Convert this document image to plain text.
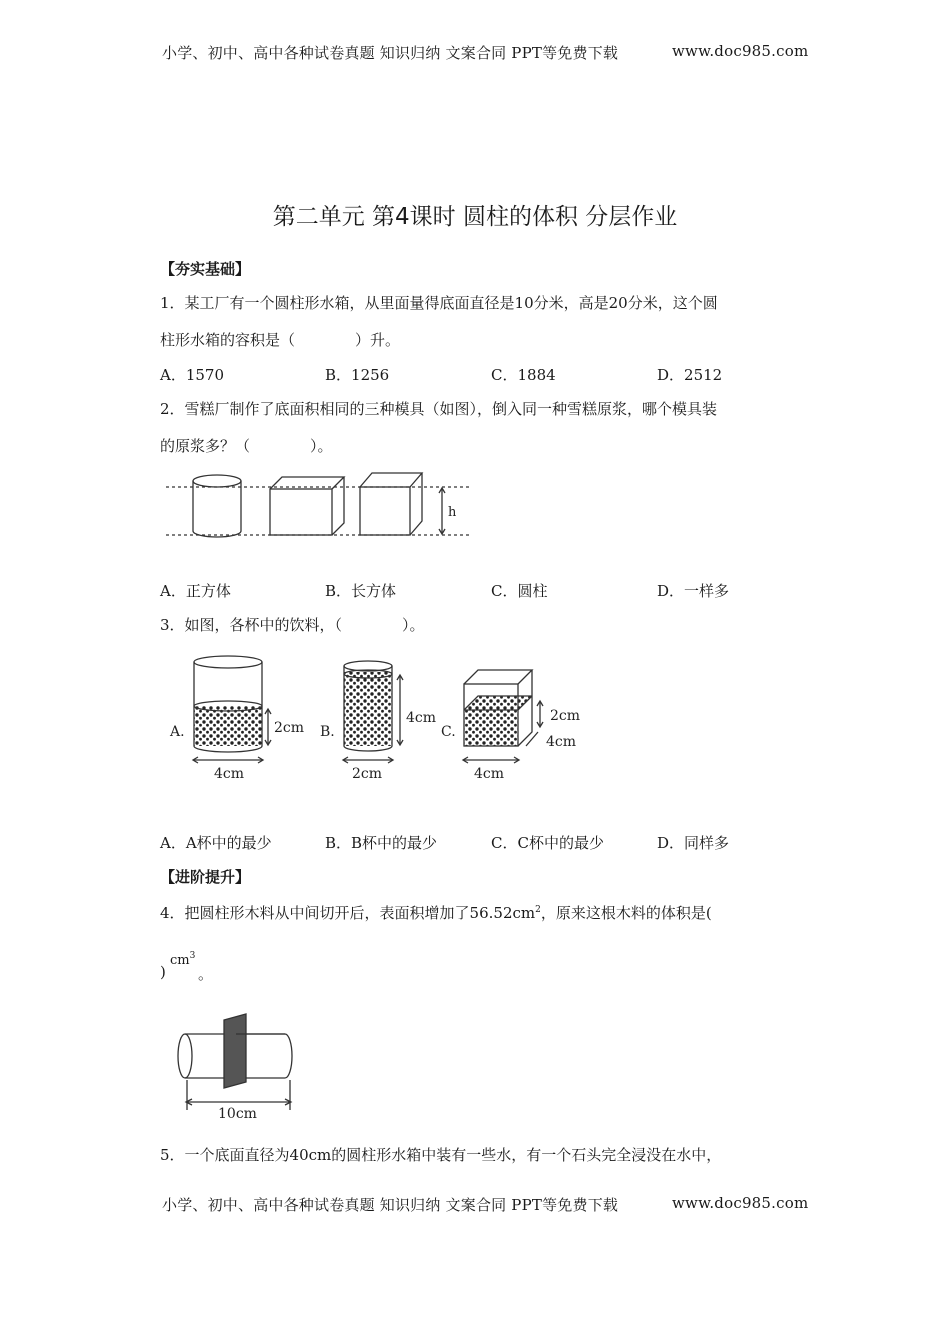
小学、初中、高中各种试卷真题 知识归纳 文案合同 PPT等免费下载	www.doc985.com
第二单元 第4课时 圆柱的体积 分层作业
【夯实基础】
1．某工厂有一个圆柱形水箱，从里面量得底面直径是10分米，高是20分米，这个圆
柱形水箱的容积是（　　　　）升。
A．1570	B．1256	C．1884	D．2512
2．雪糕厂制作了底面积相同的三种模具（如图），倒入同一种雪糕原浆，哪个模具装
的原浆多？（　　　　）。
h
A．正方体	B．长方体	C．圆柱	D．一样多
3．如图，各杯中的饮料，（　　　　）。
A.	2cm
4cm
B.
4cm
2cm
C.
2cm
4cm
4cm
A．A杯中的最少	B．B杯中的最少	C．C杯中的最少	D．同样多
【进阶提升】
4．把圆柱形木料从中间切开后，表面积增加了$56.52cm^2$，原来这根木料的体积是(
)
$cm^3$
。
10cm
5．一个底面直径为40cm的圆柱形水箱中装有一些水，有一个石头完全浸没在水中，
小学、初中、高中各种试卷真题 知识归纳 文案合同 PPT等免费下载	www.doc985.com
